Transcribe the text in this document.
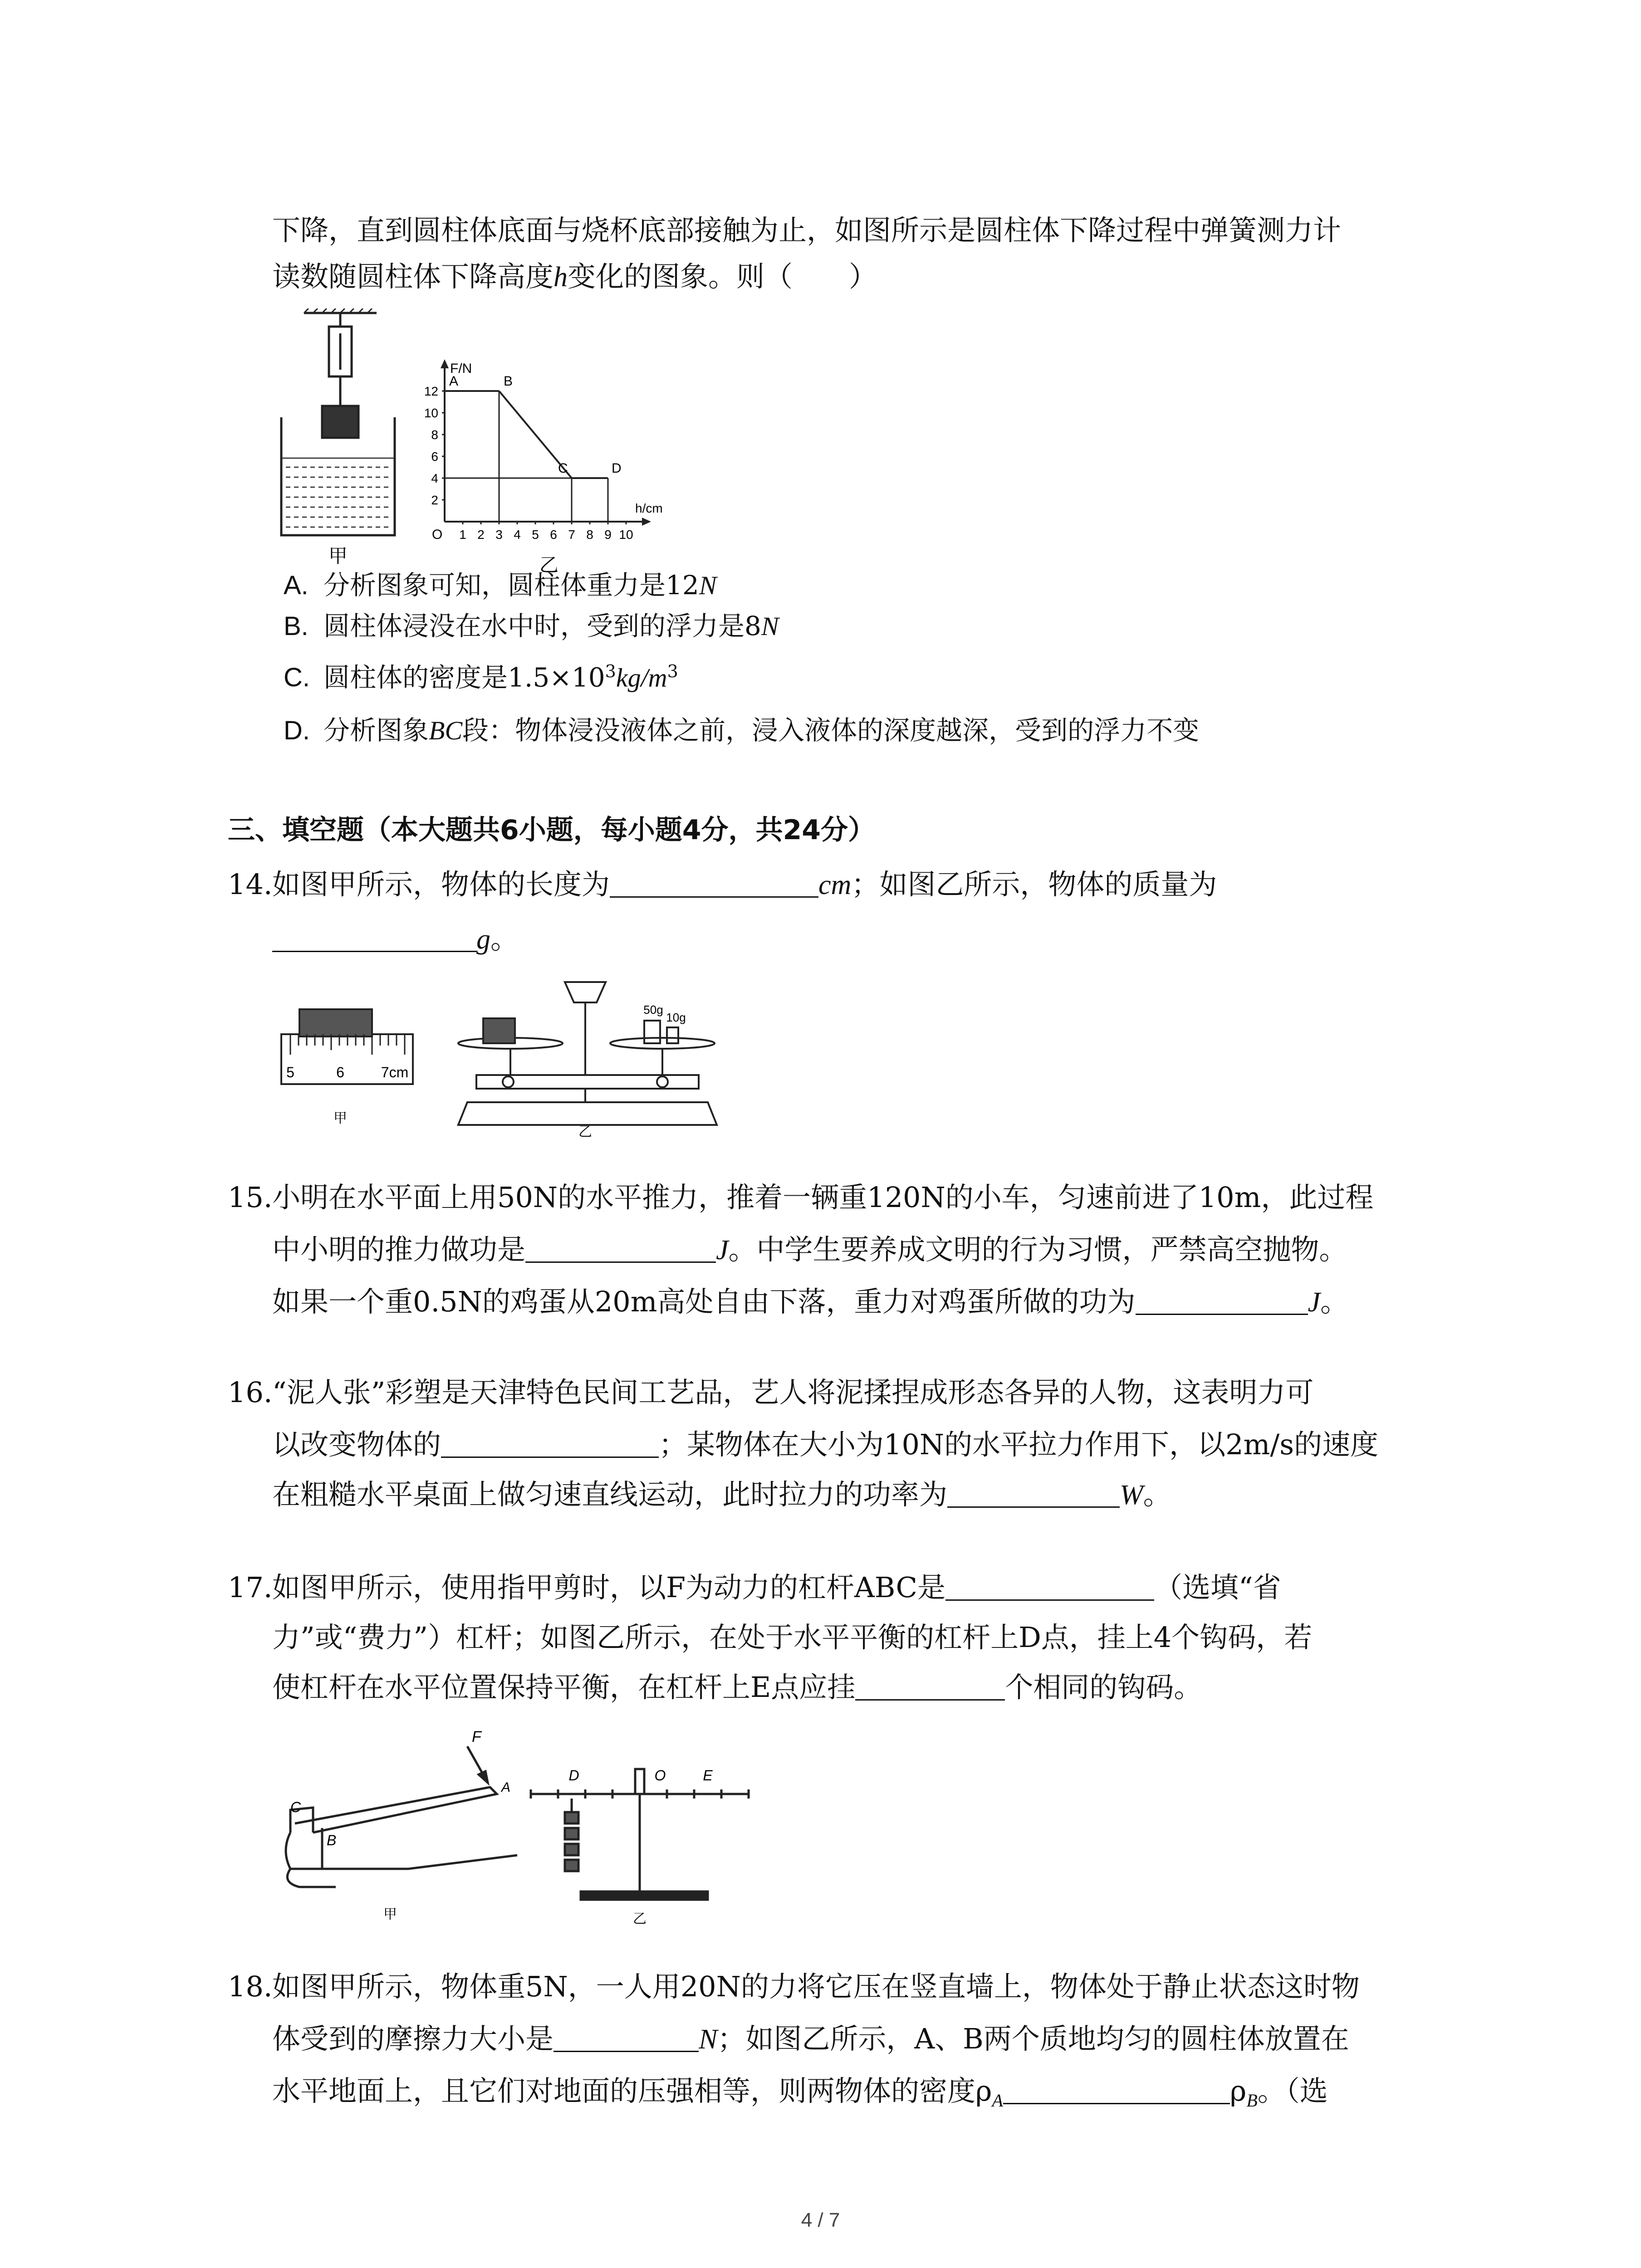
下降，直到圆柱体底面与烧杯底部接触为止，如图所示是圆柱体下降过程中弹簧测力计
读数随圆柱体下降高度h变化的图象。则（　　）
甲
F/N
h/cm
O
2
4
6
8
10
12
1 2 3 4 5 6 7 8 9 10
A	B
C	D
乙
A. 分析图象可知，圆柱体重力是12N
B. 圆柱体浸没在水中时，受到的浮力是8N
C. 圆柱体的密度是$1.5\times 10^3kg/m^3$
D. 分析图象BC段：物体浸没液体之前，浸入液体的深度越深，受到的浮力不变
三、填空题（本大题共6小题，每小题4分，共24分）
14. 如图甲所示，物体的长度为	cm；如图乙所示，物体的质量为
g。
5	6	7cm
甲
50g
10g
乙
15. 小明在水平面上用50N的水平推力，推着一辆重120N的小车，匀速前进了10m，此过程
中小明的推力做功是	J。中学生要养成文明的行为习惯，严禁高空抛物。
如果一个重0.5N的鸡蛋从20m高处自由下落，重力对鸡蛋所做的功为	J。
16. “泥人张”彩塑是天津特色民间工艺品，艺人将泥揉捏成形态各异的人物，这表明力可
以改变物体的	；某物体在大小为10N的水平拉力作用下，以2m/s的速度
在粗糙水平桌面上做匀速直线运动，此时拉力的功率为	W。
17. 如图甲所示，使用指甲剪时，以F为动力的杠杆ABC是	（选填“省
力”或“费力”）杠杆；如图乙所示，在处于水平平衡的杠杆上D点，挂上4个钩码，若
使杠杆在水平位置保持平衡，在杠杆上E点应挂	个相同的钩码。
F
A
C
B
甲
D	O	E
乙
18. 如图甲所示，物体重5N，一人用20N的力将它压在竖直墙上，物体处于静止状态这时物
体受到的摩擦力大小是	N；如图乙所示，A、B两个质地均匀的圆柱体放置在
水平地面上，且它们对地面的压强相等，则两物体的密度$\rho_A$	$\rho_B$。（选
4 / 7
